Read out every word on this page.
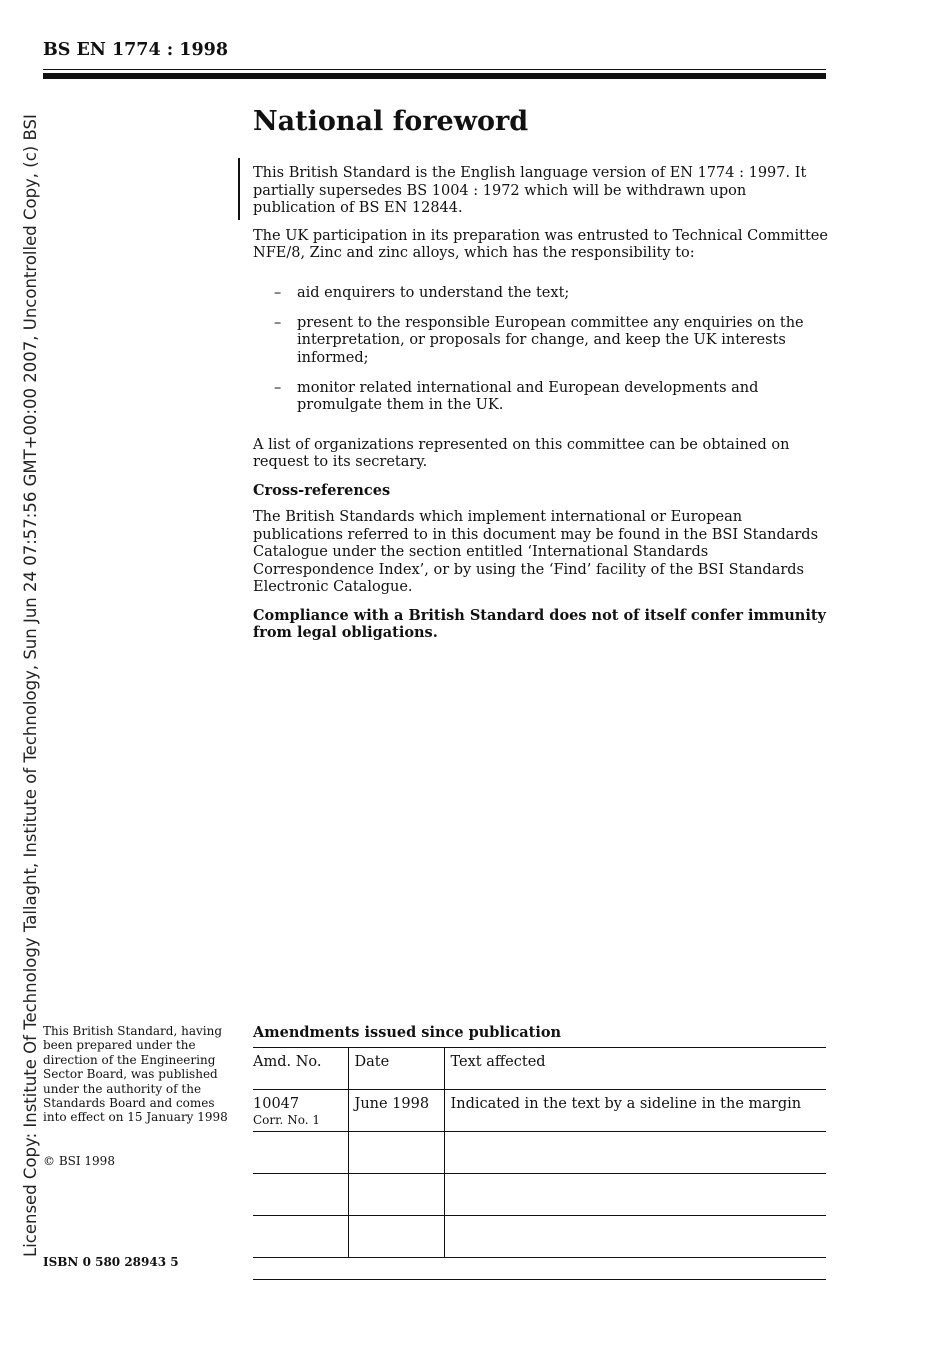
Licensed Copy: Institute Of Technology Tallaght, Institute of Technology, Sun Jun 24 07:57:56 GMT+00:00 2007, Uncontrolled Copy, (c) BSI
BS EN 1774 : 1998
National foreword

This British Standard is the English language version of EN 1774 : 1997. It partially supersedes BS 1004 : 1972 which will be withdrawn upon publication of BS EN 12844.

The UK participation in its preparation was entrusted to Technical Committee NFE/8, Zinc and zinc alloys, which has the responsibility to:

– aid enquirers to understand the text;
– present to the responsible European committee any enquiries on the interpretation, or proposals for change, and keep the UK interests informed;
– monitor related international and European developments and promulgate them in the UK.

A list of organizations represented on this committee can be obtained on request to its secretary.

Cross-references

The British Standards which implement international or European publications referred to in this document may be found in the BSI Standards Catalogue under the section entitled ‘International Standards Correspondence Index’, or by using the ‘Find’ facility of the BSI Standards Electronic Catalogue.

Compliance with a British Standard does not of itself confer immunity from legal obligations.

This British Standard, having been prepared under the direction of the Engineering Sector Board, was published under the authority of the Standards Board and comes into effect on 15 January 1998
© BSI 1998
ISBN 0 580 28943 5
Amendments issued since publication
Amd. No.	Date	Text affected

10047
Corr. No. 1	June 1998	Indicated in the text by a sideline in the margin
